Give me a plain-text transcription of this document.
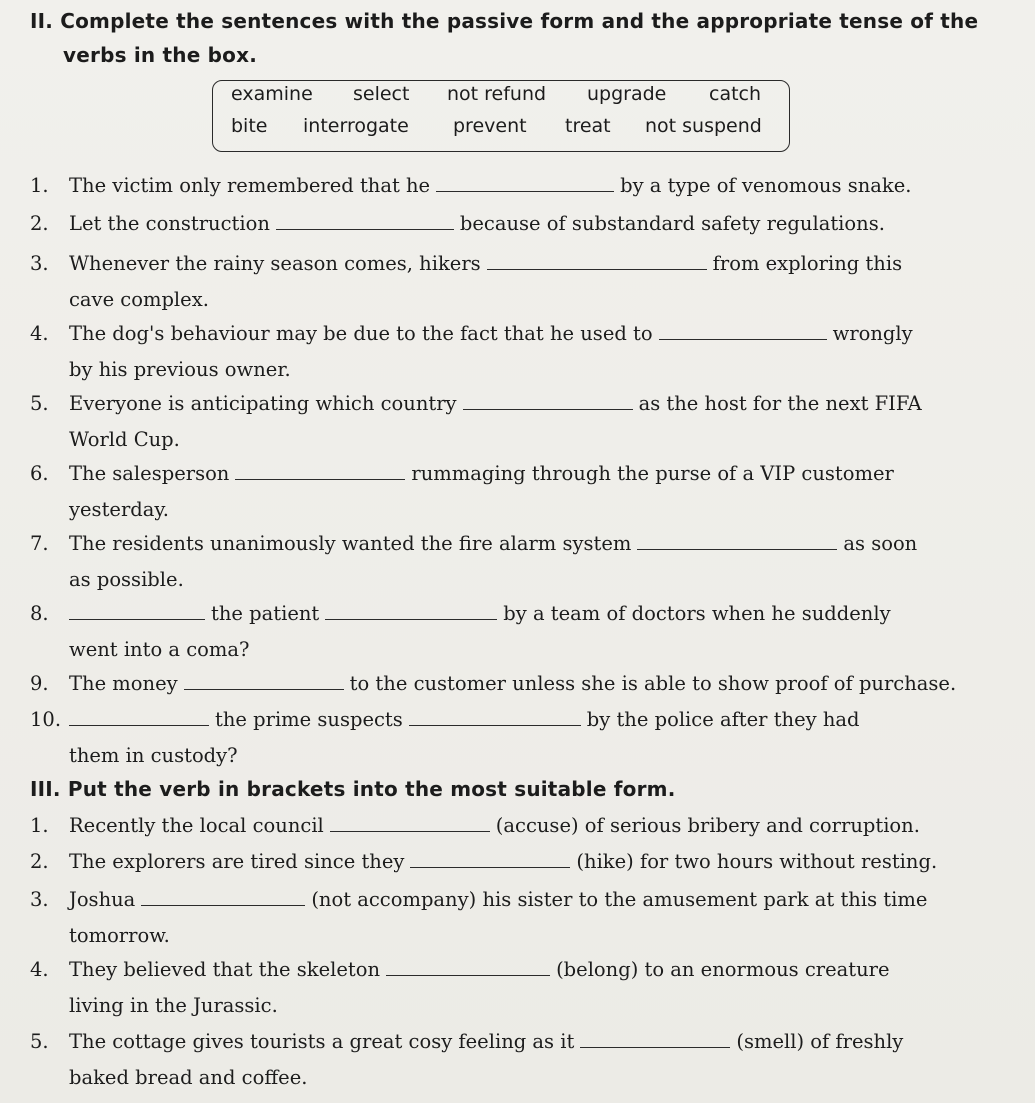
II. Complete the sentences with the passive form and the appropriate tense of the
verbs in the box.
examine select not refund upgrade catch
bite interrogate prevent treat not suspend
1. The victim only remembered that he	by a type of venomous snake.
2. Let the construction	because of substandard safety regulations.
3. Whenever the rainy season comes, hikers	from exploring this
cave complex.
4. The dog's behaviour may be due to the fact that he used to	wrongly
by his previous owner.
5. Everyone is anticipating which country	as the host for the next FIFA
World Cup.
6. The salesperson	rummaging through the purse of a VIP customer
yesterday.
7. The residents unanimously wanted the fire alarm system	as soon
as possible.
8.	the patient	by a team of doctors when he suddenly
went into a coma?
9. The money	to the customer unless she is able to show proof of purchase.
10.	the prime suspects	by the police after they had
them in custody?
III. Put the verb in brackets into the most suitable form.
1. Recently the local council	(accuse) of serious bribery and corruption.
2. The explorers are tired since they	(hike) for two hours without resting.
3. Joshua	(not accompany) his sister to the amusement park at this time
tomorrow.
4. They believed that the skeleton	(belong) to an enormous creature
living in the Jurassic.
5. The cottage gives tourists a great cosy feeling as it	(smell) of freshly
baked bread and coffee.
